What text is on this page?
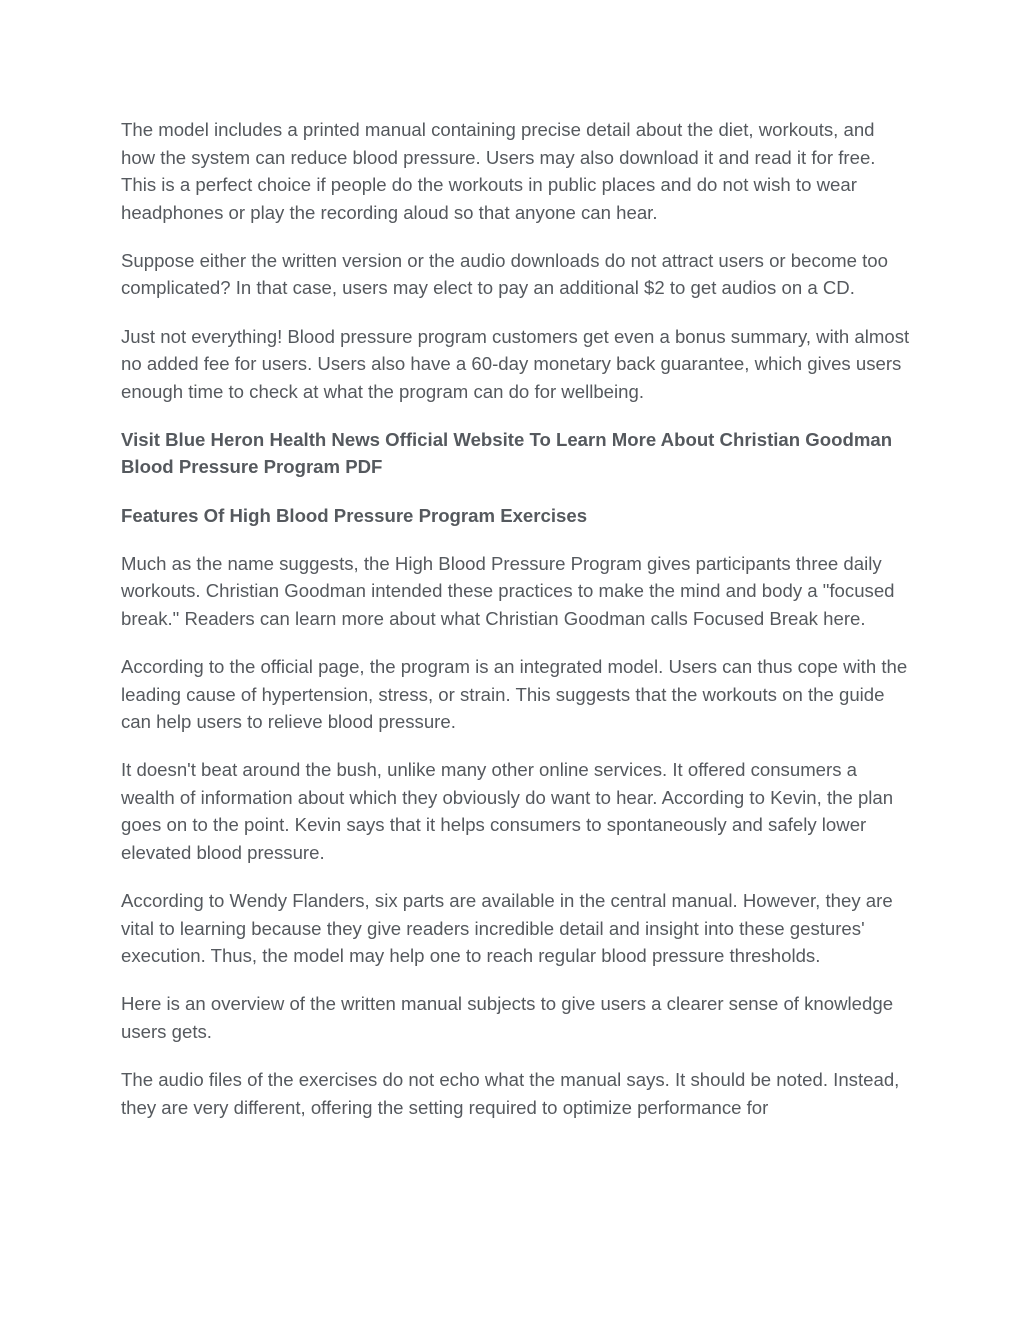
The model includes a printed manual containing precise detail about the diet, workouts, and how the system can reduce blood pressure. Users may also download it and read it for free. This is a perfect choice if people do the workouts in public places and do not wish to wear headphones or play the recording aloud so that anyone can hear.

Suppose either the written version or the audio downloads do not attract users or become too complicated? In that case, users may elect to pay an additional $2 to get audios on a CD.

Just not everything! Blood pressure program customers get even a bonus summary, with almost no added fee for users. Users also have a 60-day monetary back guarantee, which gives users enough time to check at what the program can do for wellbeing.

Visit Blue Heron Health News Official Website To Learn More About Christian Goodman Blood Pressure Program PDF

Features Of High Blood Pressure Program Exercises

Much as the name suggests, the High Blood Pressure Program gives participants three daily workouts. Christian Goodman intended these practices to make the mind and body a "focused break." Readers can learn more about what Christian Goodman calls Focused Break here.

According to the official page, the program is an integrated model. Users can thus cope with the leading cause of hypertension, stress, or strain. This suggests that the workouts on the guide can help users to relieve blood pressure.

It doesn't beat around the bush, unlike many other online services. It offered consumers a wealth of information about which they obviously do want to hear. According to Kevin, the plan goes on to the point. Kevin says that it helps consumers to spontaneously and safely lower elevated blood pressure.

According to Wendy Flanders, six parts are available in the central manual. However, they are vital to learning because they give readers incredible detail and insight into these gestures' execution. Thus, the model may help one to reach regular blood pressure thresholds.

Here is an overview of the written manual subjects to give users a clearer sense of knowledge users gets.

The audio files of the exercises do not echo what the manual says. It should be noted. Instead, they are very different, offering the setting required to optimize performance for
